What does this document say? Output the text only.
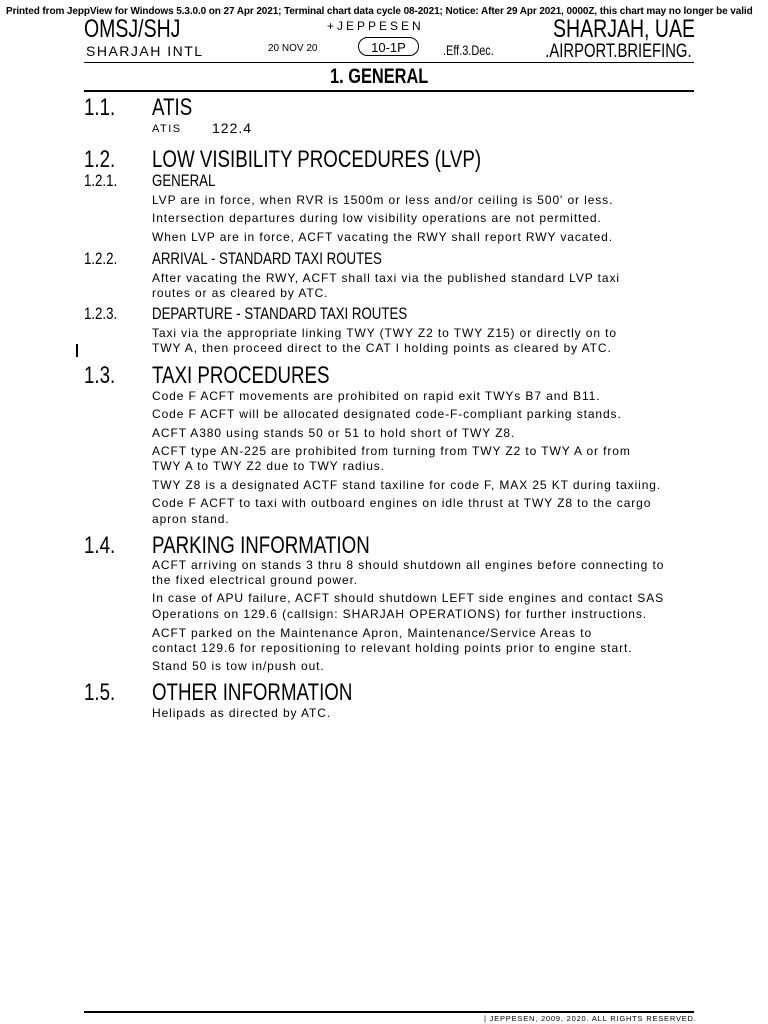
Printed from JeppView for Windows 5.3.0.0 on 27 Apr 2021; Terminal chart data cycle 08-2021; Notice: After 29 Apr 2021, 0000Z, this chart may no longer be valid
OMSJ/SHJ
SHARJAH INTL
+JEPPESEN
20 NOV 20	10-1P	.Eff.3.Dec.
SHARJAH, UAE
.AIRPORT.BRIEFING.
1. GENERAL
1.1.	ATIS
ATIS 122.4
1.2.	LOW VISIBILITY PROCEDURES (LVP)
1.2.1.	GENERAL
LVP are in force, when RVR is 1500m or less and/or ceiling is 500' or less.
Intersection departures during low visibility operations are not permitted.
When LVP are in force, ACFT vacating the RWY shall report RWY vacated.
1.2.2.	ARRIVAL - STANDARD TAXI ROUTES
After vacating the RWY, ACFT shall taxi via the published standard LVP taxi
routes or as cleared by ATC.
1.2.3.	DEPARTURE - STANDARD TAXI ROUTES
Taxi via the appropriate linking TWY (TWY Z2 to TWY Z15) or directly on to
TWY A, then proceed direct to the CAT I holding points as cleared by ATC.
1.3.	TAXI PROCEDURES
Code F ACFT movements are prohibited on rapid exit TWYs B7 and B11.
Code F ACFT will be allocated designated code-F-compliant parking stands.
ACFT A380 using stands 50 or 51 to hold short of TWY Z8.
ACFT type AN-225 are prohibited from turning from TWY Z2 to TWY A or from
TWY A to TWY Z2 due to TWY radius.
TWY Z8 is a designated ACTF stand taxiline for code F, MAX 25 KT during taxiing.
Code F ACFT to taxi with outboard engines on idle thrust at TWY Z8 to the cargo
apron stand.
1.4.	PARKING INFORMATION
ACFT arriving on stands 3 thru 8 should shutdown all engines before connecting to
the fixed electrical ground power.
In case of APU failure, ACFT should shutdown LEFT side engines and contact SAS
Operations on 129.6 (callsign: SHARJAH OPERATIONS) for further instructions.
ACFT parked on the Maintenance Apron, Maintenance/Service Areas to
contact 129.6 for repositioning to relevant holding points prior to engine start.
Stand 50 is tow in/push out.
1.5.	OTHER INFORMATION
Helipads as directed by ATC.
| JEPPESEN, 2009, 2020. ALL RIGHTS RESERVED.
